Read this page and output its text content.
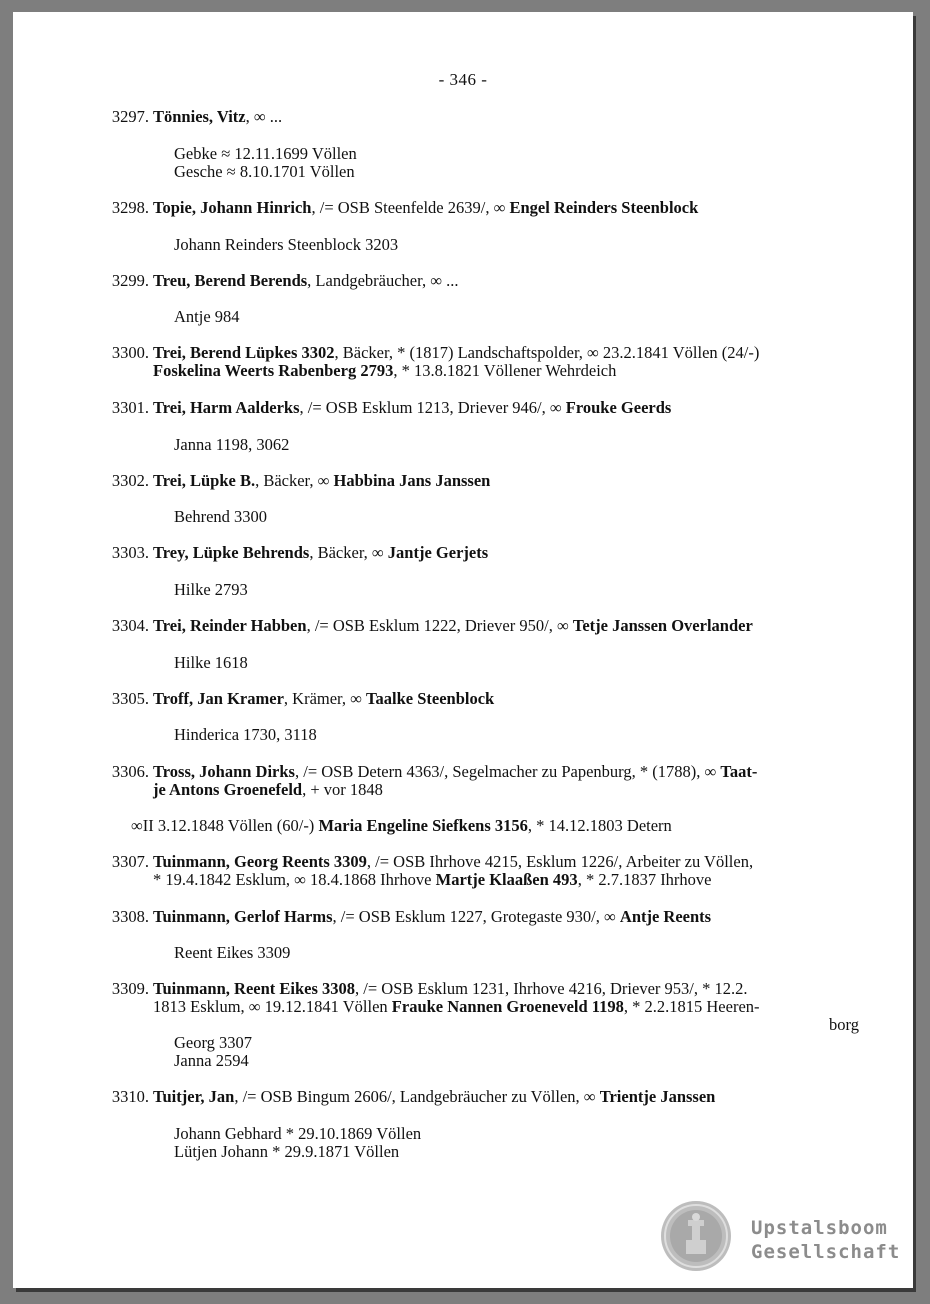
- 346 -
3297. Tönnies, Vitz, ∞ ...
Gebke ≈ 12.11.1699 Völlen
Gesche ≈ 8.10.1701 Völlen
3298. Topie, Johann Hinrich, /= OSB Steenfelde 2639/, ∞ Engel Reinders Steenblock
Johann Reinders Steenblock 3203
3299. Treu, Berend Berends, Landgebräucher, ∞ ...
Antje 984
3300. Trei, Berend Lüpkes 3302, Bäcker, * (1817) Landschaftspolder, ∞ 23.2.1841 Völlen (24/-)
Foskelina Weerts Rabenberg 2793, * 13.8.1821 Völlener Wehrdeich
3301. Trei, Harm Aalderks, /= OSB Esklum 1213, Driever 946/, ∞ Frouke Geerds
Janna 1198, 3062
3302. Trei, Lüpke B., Bäcker, ∞ Habbina Jans Janssen
Behrend 3300
3303. Trey, Lüpke Behrends, Bäcker, ∞ Jantje Gerjets
Hilke 2793
3304. Trei, Reinder Habben, /= OSB Esklum 1222, Driever 950/, ∞ Tetje Janssen Overlander
Hilke 1618
3305. Troff, Jan Kramer, Krämer, ∞ Taalke Steenblock
Hinderica 1730, 3118
3306. Tross, Johann Dirks, /= OSB Detern 4363/, Segelmacher zu Papenburg, * (1788), ∞ Taat-
je Antons Groenefeld, + vor 1848
∞II 3.12.1848 Völlen (60/-) Maria Engeline Siefkens 3156, * 14.12.1803 Detern
3307. Tuinmann, Georg Reents 3309, /= OSB Ihrhove 4215, Esklum 1226/, Arbeiter zu Völlen,
* 19.4.1842 Esklum, ∞ 18.4.1868 Ihrhove Martje Klaaßen 493, * 2.7.1837 Ihrhove
3308. Tuinmann, Gerlof Harms, /= OSB Esklum 1227, Grotegaste 930/, ∞ Antje Reents
Reent Eikes 3309
3309. Tuinmann, Reent Eikes 3308, /= OSB Esklum 1231, Ihrhove 4216, Driever 953/, * 12.2.
1813 Esklum, ∞ 19.12.1841 Völlen Frauke Nannen Groeneveld 1198, * 2.2.1815 Heeren-
borg
Georg 3307
Janna 2594
3310. Tuitjer, Jan, /= OSB Bingum 2606/, Landgebräucher zu Völlen, ∞ Trientje Janssen
Johann Gebhard * 29.10.1869 Völlen
Lütjen Johann * 29.9.1871 Völlen
Upstalsboom
Gesellschaft
